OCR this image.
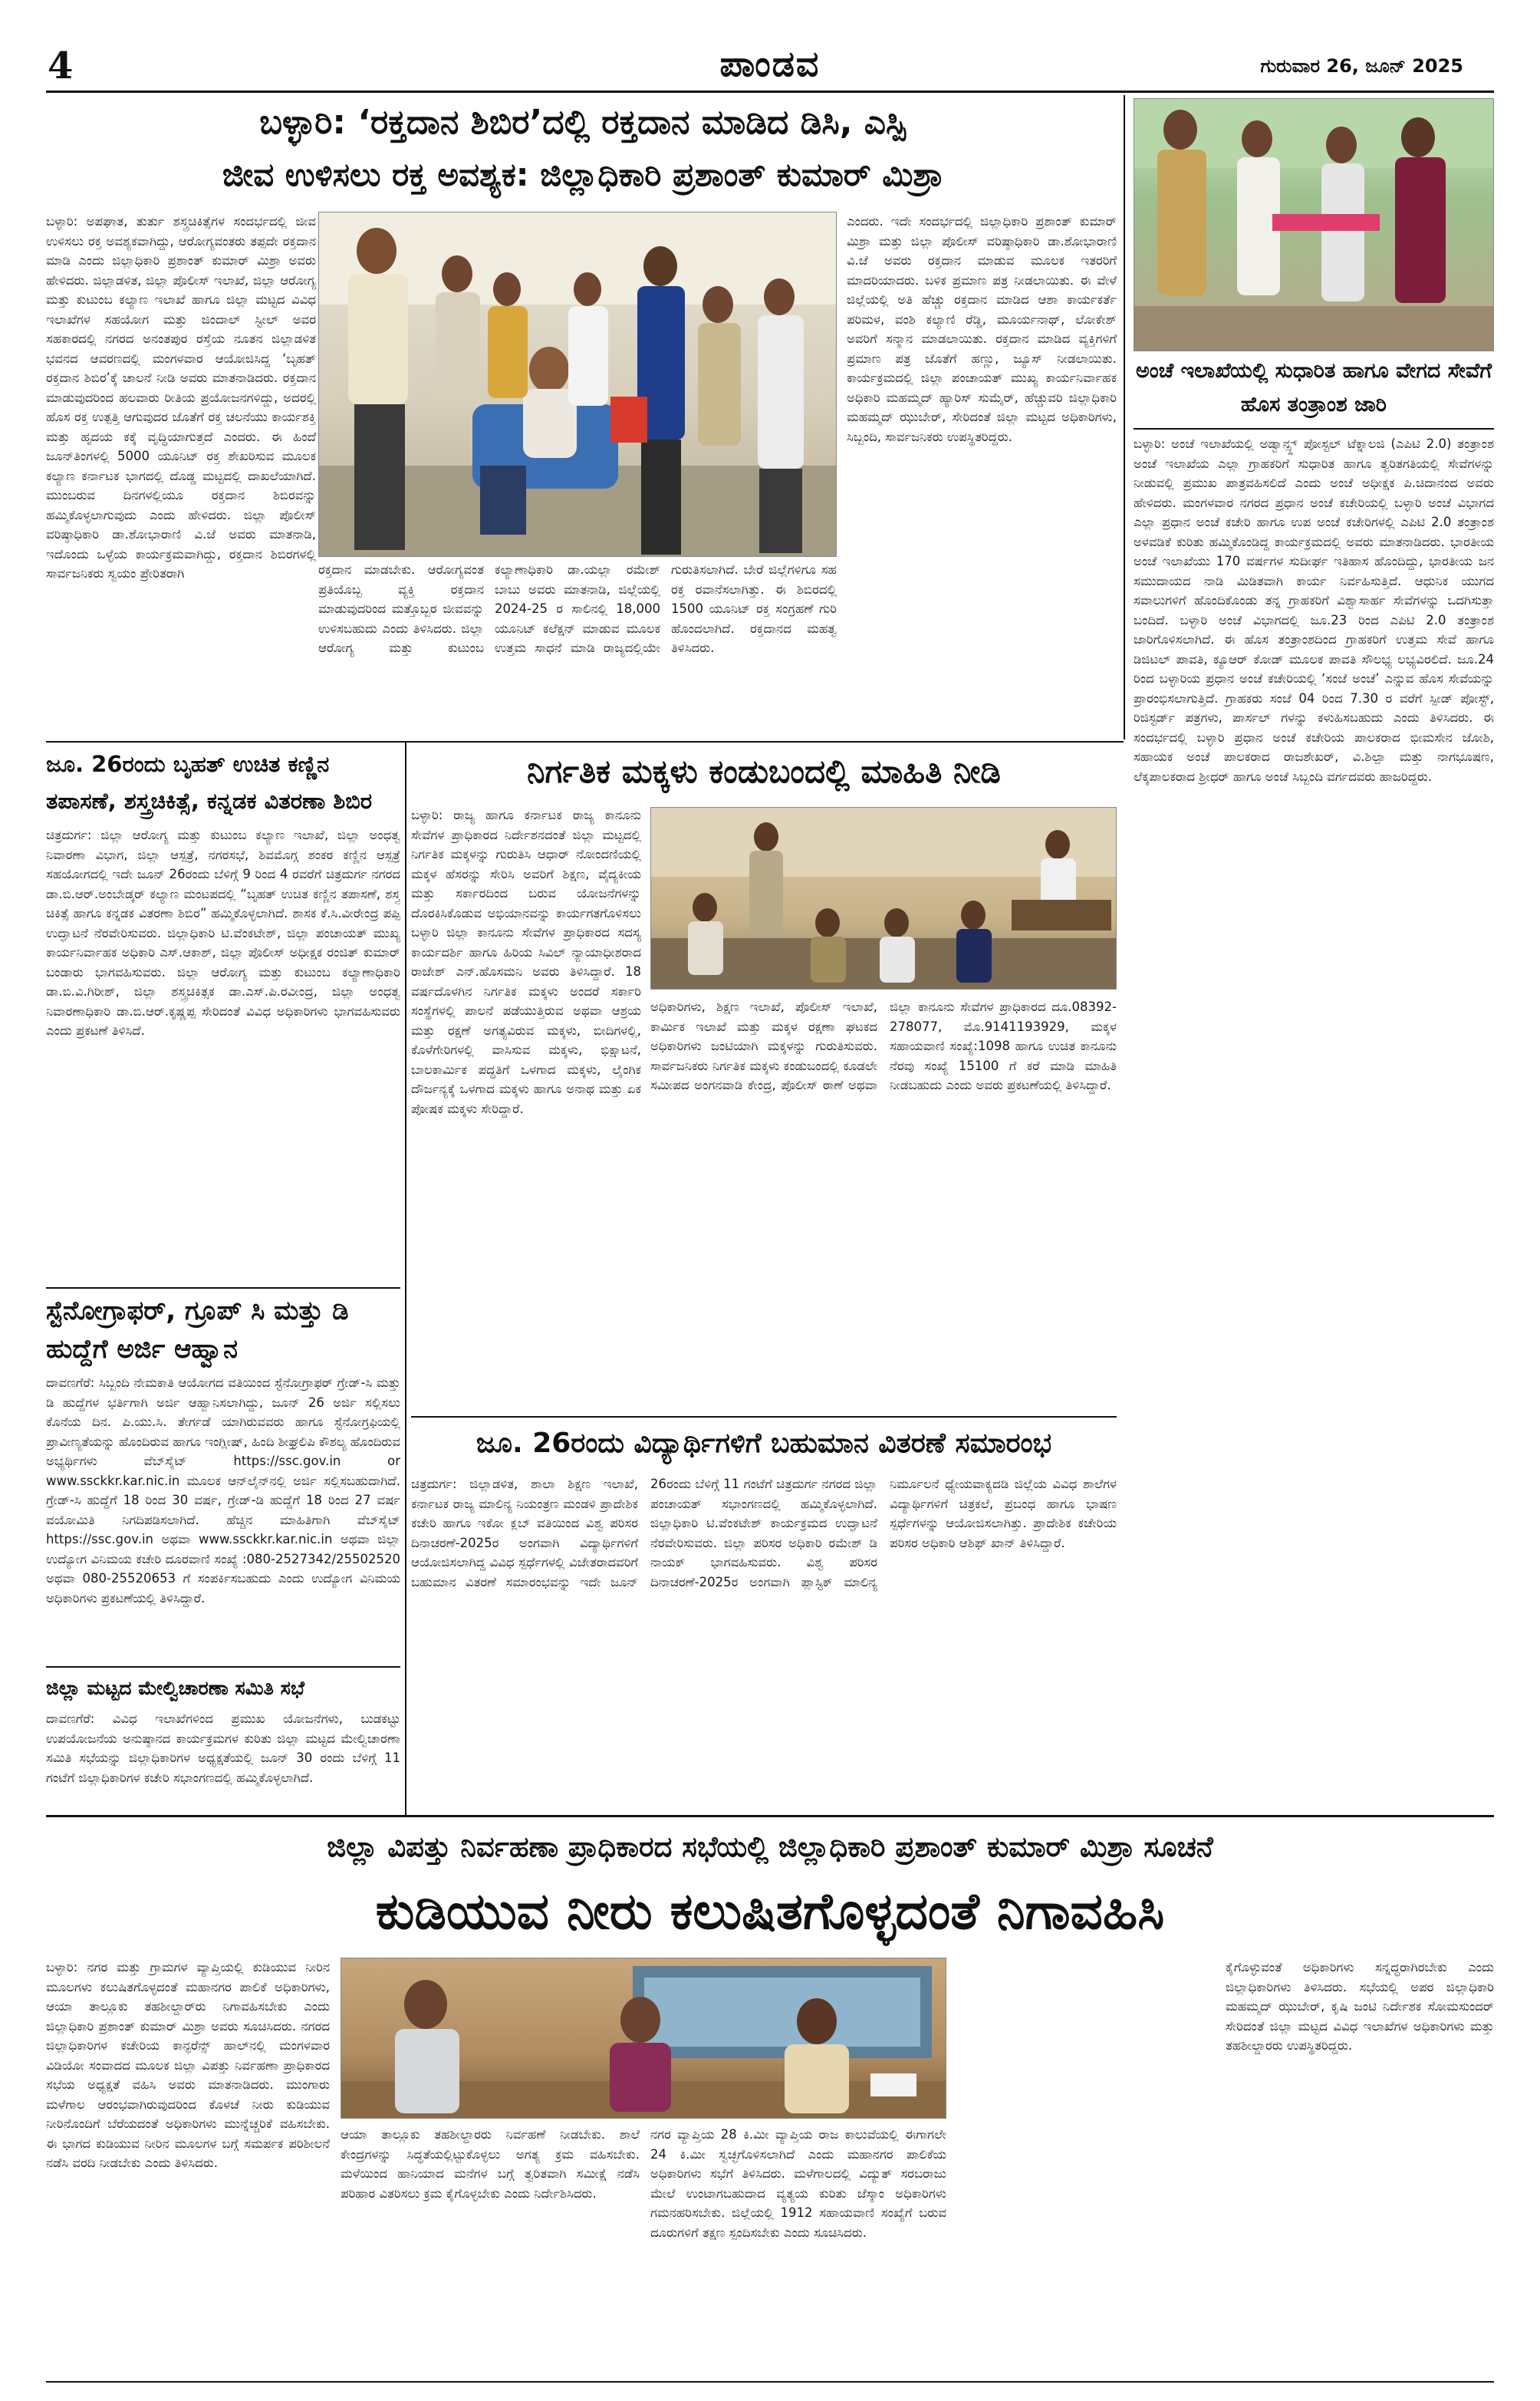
ಪಾಂಡವ
4	ಗುರುವಾರ 26, ಜೂನ್ 2025
ಬಳ್ಳಾರಿ: ‘ರಕ್ತದಾನ ಶಿಬಿರ’ದಲ್ಲಿ ರಕ್ತದಾನ ಮಾಡಿದ ಡಿಸಿ, ಎಸ್ಪಿ
ಜೀವ ಉಳಿಸಲು ರಕ್ತ ಅವಶ್ಯಕ: ಜಿಲ್ಲಾಧಿಕಾರಿ ಪ್ರಶಾಂತ್ ಕುಮಾರ್ ಮಿಶ್ರಾ
ಬಳ್ಳಾರಿ: ಅಪಘಾತ, ತುರ್ತು ಶಸ್ತ್ರಚಿಕಿತ್ಸೆಗಳ ಸಂದರ್ಭದಲ್ಲಿ ಜೀವ ಉಳಿಸಲು ರಕ್ತ ಅವಶ್ಯಕವಾಗಿದ್ದು, ಆರೋಗ್ಯವಂತರು ತಪ್ಪದೇ ರಕ್ತದಾನ ಮಾಡಿ ಎಂದು ಜಿಲ್ಲಾಧಿಕಾರಿ ಪ್ರಶಾಂತ್ ಕುಮಾರ್ ಮಿಶ್ರಾ ಅವರು ಹೇಳಿದರು. ಜಿಲ್ಲಾಡಳಿತ, ಜಿಲ್ಲಾ ಪೊಲೀಸ್ ಇಲಾಖೆ, ಜಿಲ್ಲಾ ಆರೋಗ್ಯ ಮತ್ತು ಕುಟುಂಬ ಕಲ್ಯಾಣ ಇಲಾಖೆ ಹಾಗೂ ಜಿಲ್ಲಾ ಮಟ್ಟದ ವಿವಿಧ ಇಲಾಖೆಗಳ ಸಹಯೋಗ ಮತ್ತು ಜಿಂದಾಲ್ ಸ್ಟೀಲ್ ಅವರ ಸಹಕಾರದಲ್ಲಿ ನಗರದ ಅನಂತಪುರ ರಸ್ತೆಯ ನೂತನ ಜಿಲ್ಲಾಡಳಿತ ಭವನದ ಆವರಣದಲ್ಲಿ ಮಂಗಳವಾರ ಆಯೋಜಿಸಿದ್ದ ‘ಬೃಹತ್ ರಕ್ತದಾನ ಶಿಬಿರ’ಕ್ಕೆ ಚಾಲನೆ ನೀಡಿ ಅವರು ಮಾತನಾಡಿದರು. ರಕ್ತದಾನ ಮಾಡುವುದರಿಂದ ಹಲವಾರು ರೀತಿಯ ಪ್ರಯೋಜನಗಳಿದ್ದು, ಅದರಲ್ಲಿ ಹೊಸ ರಕ್ತ ಉತ್ಪತ್ತಿ ಆಗುವುದರ ಜೊತೆಗೆ ರಕ್ತ ಚಲನೆಯು ಕಾರ್ಯಶಕ್ತಿ ಮತ್ತು ಹೃದಯ ಕಕ್ಕೆ ವೃದ್ಧಿಯಾಗುತ್ತದೆ ಎಂದರು. ಈ ಹಿಂದೆ ಜೂನ್‌ತಿಂಗಳಲ್ಲಿ 5000 ಯೂನಿಟ್ ರಕ್ತ ಶೇಖರಿಸುವ ಮೂಲಕ ಕಲ್ಯಾಣ ಕರ್ನಾಟಕ ಭಾಗದಲ್ಲಿ ದೊಡ್ಡ ಮಟ್ಟದಲ್ಲಿ ದಾಖಲೆಯಾಗಿದೆ. ಮುಂಬರುವ ದಿನಗಳಲ್ಲಿಯೂ ರಕ್ತದಾನ ಶಿಬಿರವನ್ನು ಹಮ್ಮಿಕೊಳ್ಳಲಾಗುವುದು ಎಂದು ಹೇಳಿದರು. ಜಿಲ್ಲಾ ಪೊಲೀಸ್ ವರಿಷ್ಠಾಧಿಕಾರಿ ಡಾ.ಶೋಭಾರಾಣಿ ವಿ.ಜೆ ಅವರು ಮಾತನಾಡಿ, ಇದೊಂದು ಒಳ್ಳೆಯ ಕಾರ್ಯಕ್ರಮವಾಗಿದ್ದು, ರಕ್ತದಾನ ಶಿಬಿರಗಳಲ್ಲಿ ಸಾರ್ವಜನಿಕರು ಸ್ವಯಂ ಪ್ರೇರಿತರಾಗಿ	ರಕ್ತದಾನ ಮಾಡಬೇಕು. ಆರೋಗ್ಯವಂತ ಪ್ರತಿಯೊಬ್ಬ ವ್ಯಕ್ತಿ ರಕ್ತದಾನ ಮಾಡುವುದರಿಂದ ಮತ್ತೊಬ್ಬರ ಜೀವವನ್ನು ಉಳಿಸಬಹುದು ಎಂದು ತಿಳಿಸಿದರು. ಜಿಲ್ಲಾ ಆರೋಗ್ಯ ಮತ್ತು ಕುಟುಂಬ ಕಲ್ಯಾಣಾಧಿಕಾರಿ ಡಾ.ಯಲ್ಲಾ ರಮೇಶ್ ಬಾಬು ಅವರು ಮಾತನಾಡಿ, ಜಿಲ್ಲೆಯಲ್ಲಿ 2024-25 ರ ಸಾಲಿನಲ್ಲಿ 18,000 ಯೂನಿಟ್ ಕಲೆಕ್ಷನ್ ಮಾಡುವ ಮೂಲಕ ಉತ್ತಮ ಸಾಧನೆ ಮಾಡಿ ರಾಜ್ಯದಲ್ಲಿಯೇ ಗುರುತಿಸಲಾಗಿದೆ. ಬೇರೆ ಜಿಲ್ಲೆಗಳಿಗೂ ಸಹ ರಕ್ತ ರವಾನೆಸಲಾಗಿತ್ತು. ಈ ಶಿಬಿರದಲ್ಲಿ 1500 ಯೂನಿಟ್ ರಕ್ತ ಸಂಗ್ರಹಣೆ ಗುರಿ ಹೊಂದಲಾಗಿದೆ. ರಕ್ತದಾನದ ಮಹತ್ವ ತಿಳಿಸಿದರು.
ಎಂದರು. ಇದೇ ಸಂದರ್ಭದಲ್ಲಿ ಜಿಲ್ಲಾಧಿಕಾರಿ ಪ್ರಶಾಂತ್ ಕುಮಾರ್ ಮಿಶ್ರಾ ಮತ್ತು ಜಿಲ್ಲಾ ಪೊಲೀಸ್ ವರಿಷ್ಠಾಧಿಕಾರಿ ಡಾ.ಶೋಭಾರಾಣಿ ವಿ.ಜೆ ಅವರು ರಕ್ತದಾನ ಮಾಡುವ ಮೂಲಕ ಇತರರಿಗೆ ಮಾದರಿಯಾದರು. ಬಳಿಕ ಪ್ರಮಾಣ ಪತ್ರ ನೀಡಲಾಯಿತು. ಈ ವೇಳೆ ಜಿಲ್ಲೆಯಲ್ಲಿ ಅತಿ ಹೆಚ್ಚು ರಕ್ತದಾನ ಮಾಡಿದ ಆಶಾ ಕಾರ್ಯಕರ್ತೆ ಪರಿಮಳ, ವಂಶಿ ಕಲ್ಯಾಣಿ ರೆಡ್ಡಿ, ಮೂರ್ಯನಾಥ್, ಲೋಕೇಶ್ ಅವರಿಗೆ ಸನ್ಮಾನ ಮಾಡಲಾಯಿತು. ರಕ್ತದಾನ ಮಾಡಿದ ವ್ಯಕ್ತಿಗಳಿಗೆ ಪ್ರಮಾಣ ಪತ್ರ ಜೊತೆಗೆ ಹಣ್ಣು, ಜ್ಯೂಸ್ ನೀಡಲಾಯಿತು. ಕಾರ್ಯಕ್ರಮದಲ್ಲಿ ಜಿಲ್ಲಾ ಪಂಚಾಯತ್ ಮುಖ್ಯ ಕಾರ್ಯನಿರ್ವಾಹಕ ಅಧಿಕಾರಿ ಮಹಮ್ಮದ್ ಹ್ಯಾರಿಸ್ ಸುಮೈರ್, ಹೆಚ್ಚುವರಿ ಜಿಲ್ಲಾಧಿಕಾರಿ ಮಹಮ್ಮದ್ ಝುಬೇರ್, ಸೇರಿದಂತೆ ಜಿಲ್ಲಾ ಮಟ್ಟದ ಅಧಿಕಾರಿಗಳು, ಸಿಬ್ಬಂದಿ, ಸಾರ್ವಜನಿಕರು ಉಪಸ್ಥಿತರಿದ್ದರು.
ಅಂಚೆ ಇಲಾಖೆಯಲ್ಲಿ ಸುಧಾರಿತ ಹಾಗೂ ವೇಗದ ಸೇವೆಗೆ ಹೊಸ ತಂತ್ರಾಂಶ ಜಾರಿ
ಬಳ್ಳಾರಿ: ಅಂಚೆ ಇಲಾಖೆಯಲ್ಲಿ ಅಡ್ವಾನ್ಸ್ಡ್ ಪೋಸ್ಟಲ್ ಟೆಕ್ನಾಲಜಿ (ಎಪಿಟಿ 2.0) ತಂತ್ರಾಂಶ ಅಂಚೆ ಇಲಾಖೆಯ ಎಲ್ಲಾ ಗ್ರಾಹಕರಿಗೆ ಸುಧಾರಿತ ಹಾಗೂ ತ್ವರಿತಗತಿಯಲ್ಲಿ ಸೇವೆಗಳನ್ನು ನೀಡುವಲ್ಲಿ ಪ್ರಮುಖ ಪಾತ್ರವಹಿಸಲಿದೆ ಎಂದು ಅಂಚೆ ಅಧೀಕ್ಷಕ ಪಿ.ಚಿದಾನಂದ ಅವರು ಹೇಳಿದರು. ಮಂಗಳವಾರ ನಗರದ ಪ್ರಧಾನ ಅಂಚೆ ಕಚೇರಿಯಲ್ಲಿ ಬಳ್ಳಾರಿ ಅಂಚೆ ವಿಭಾಗದ ಎಲ್ಲಾ ಪ್ರಧಾನ ಅಂಚೆ ಕಚೇರಿ ಹಾಗೂ ಉಪ ಅಂಚೆ ಕಚೇರಿಗಳಲ್ಲಿ ಎಪಿಟಿ 2.0 ತಂತ್ರಾಂಶ ಅಳವಡಿಕೆ ಕುರಿತು ಹಮ್ಮಿಕೊಂಡಿದ್ದ ಕಾರ್ಯಕ್ರಮದಲ್ಲಿ ಅವರು ಮಾತನಾಡಿದರು. ಭಾರತೀಯ ಅಂಚೆ ಇಲಾಖೆಯು 170 ವರ್ಷಗಳ ಸುದೀರ್ಘ ಇತಿಹಾಸ ಹೊಂದಿದ್ದು, ಭಾರತೀಯ ಜನ ಸಮುದಾಯದ ನಾಡಿ ಮಿಡಿತವಾಗಿ ಕಾರ್ಯ ನಿರ್ವಹಿಸುತ್ತಿದೆ. ಆಧುನಿಕ ಯುಗದ ಸವಾಲುಗಳಿಗೆ ಹೊಂದಿಕೊಂಡು ತನ್ನ ಗ್ರಾಹಕರಿಗೆ ವಿಶ್ವಾಸಾರ್ಹ ಸೇವೆಗಳನ್ನು ಒದಗಿಸುತ್ತಾ ಬಂದಿದೆ. ಬಳ್ಳಾರಿ ಅಂಚೆ ವಿಭಾಗದಲ್ಲಿ ಜೂ.23 ರಿಂದ ಎಪಿಟಿ 2.0 ತಂತ್ರಾಂಶ ಜಾರಿಗೊಳಿಸಲಾಗಿದೆ. ಈ ಹೊಸ ತಂತ್ರಾಂಶದಿಂದ ಗ್ರಾಹಕರಿಗೆ ಉತ್ತಮ ಸೇವೆ ಹಾಗೂ ಡಿಜಿಟಲ್ ಪಾವತಿ, ಕ್ಯೂಆರ್ ಕೋಡ್ ಮೂಲಕ ಪಾವತಿ ಸೌಲಭ್ಯ ಲಭ್ಯವಿರಲಿದೆ. ಜೂ.24 ರಿಂದ ಬಳ್ಳಾರಿಯ ಪ್ರಧಾನ ಅಂಚೆ ಕಚೇರಿಯಲ್ಲಿ ‘ಸಂಜೆ ಅಂಚೆ’ ಎನ್ನುವ ಹೊಸ ಸೇವೆಯನ್ನು ಪ್ರಾರಂಭಿಸಲಾಗುತ್ತಿದೆ. ಗ್ರಾಹಕರು ಸಂಜೆ 04 ರಿಂದ 7.30 ರ ವರೆಗೆ ಸ್ಪೀಡ್ ಪೋಸ್ಟ್, ರಿಜಿಸ್ಟರ್ಡ್ ಪತ್ರಗಳು, ಪಾರ್ಸಲ್ ಗಳನ್ನು ಕಳುಹಿಸಬಹುದು ಎಂದು ತಿಳಿಸಿದರು. ಈ ಸಂದರ್ಭದಲ್ಲಿ ಬಳ್ಳಾರಿ ಪ್ರಧಾನ ಅಂಚೆ ಕಚೇರಿಯ ಪಾಲಕರಾದ ಭೀಮಸೇನ ಜೋಶಿ, ಸಹಾಯಕ ಅಂಚೆ ಪಾಲಕರಾದ ರಾಜಶೇಖರ್, ವಿ.ಶಿಲ್ಪಾ ಮತ್ತು ನಾಗಭೂಷಣ, ಲೆಕ್ಕಪಾಲಕರಾದ ಶ್ರೀಧರ್ ಹಾಗೂ ಅಂಚೆ ಸಿಬ್ಬಂದಿ ವರ್ಗದವರು ಹಾಜರಿದ್ದರು.
ಜೂ. 26ರಂದು ಬೃಹತ್ ಉಚಿತ ಕಣ್ಣಿನ ತಪಾಸಣೆ, ಶಸ್ತ್ರಚಿಕಿತ್ಸೆ, ಕನ್ನಡಕ ವಿತರಣಾ ಶಿಬಿರ
ಚಿತ್ರದುರ್ಗ: ಜಿಲ್ಲಾ ಆರೋಗ್ಯ ಮತ್ತು ಕುಟುಂಬ ಕಲ್ಯಾಣ ಇಲಾಖೆ, ಜಿಲ್ಲಾ ಅಂಧತ್ವ ನಿವಾರಣಾ ವಿಭಾಗ, ಜಿಲ್ಲಾ ಆಸ್ಪತ್ರೆ, ನಗರಸಭೆ, ಶಿವಮೊಗ್ಗ ಶಂಕರ ಕಣ್ಣಿನ ಆಸ್ಪತ್ರೆ ಸಹಯೋಗದಲ್ಲಿ ಇದೇ ಜೂನ್ 26ರಂದು ಬೆಳಿಗ್ಗೆ 9 ರಿಂದ 4 ರವರೆಗೆ ಚಿತ್ರದುರ್ಗ ನಗರದ ಡಾ.ಬಿ.ಆರ್.ಅಂಬೇಡ್ಕರ್ ಕಲ್ಯಾಣ ಮಂಟಪದಲ್ಲಿ “ಬೃಹತ್ ಉಚಿತ ಕಣ್ಣಿನ ತಪಾಸಣೆ, ಶಸ್ತ್ರ ಚಿಕಿತ್ಸೆ ಹಾಗೂ ಕನ್ನಡಕ ವಿತರಣಾ ಶಿಬಿರ” ಹಮ್ಮಿಕೊಳ್ಳಲಾಗಿದೆ. ಶಾಸಕ ಕೆ.ಸಿ.ವೀರೇಂದ್ರ ಪಪ್ಪಿ ಉದ್ಘಾಟನೆ ನೆರವೇರಿಸುವರು. ಜಿಲ್ಲಾಧಿಕಾರಿ ಟಿ.ವೆಂಕಟೇಶ್, ಜಿಲ್ಲಾ ಪಂಚಾಯತ್ ಮುಖ್ಯ ಕಾರ್ಯನಿರ್ವಾಹಕ ಅಧಿಕಾರಿ ಎಸ್.ಆಕಾಶ್, ಜಿಲ್ಲಾ ಪೊಲೀಸ್ ಅಧೀಕ್ಷಕ ರಂಜಿತ್ ಕುಮಾರ್ ಬಂಡಾರು ಭಾಗವಹಿಸುವರು. ಜಿಲ್ಲಾ ಆರೋಗ್ಯ ಮತ್ತು ಕುಟುಂಬ ಕಲ್ಯಾಣಾಧಿಕಾರಿ ಡಾ.ಬಿ.ವಿ.ಗಿರೀಶ್, ಜಿಲ್ಲಾ ಶಸ್ತ್ರಚಿಕಿತ್ಸಕ ಡಾ.ಎಸ್.ಪಿ.ರವೀಂದ್ರ, ಜಿಲ್ಲಾ ಅಂಧತ್ವ ನಿವಾರಣಾಧಿಕಾರಿ ಡಾ.ಬಿ.ಆರ್.ಕೃಷ್ಣಪ್ಪ ಸೇರಿದಂತೆ ವಿವಿಧ ಅಧಿಕಾರಿಗಳು ಭಾಗವಹಿಸುವರು ಎಂದು ಪ್ರಕಟಣೆ ತಿಳಿಸಿದೆ.
ಸ್ಟೆನೋಗ್ರಾಫರ್, ಗ್ರೂಪ್ ಸಿ ಮತ್ತು ಡಿ ಹುದ್ದೆಗೆ ಅರ್ಜಿ ಆಹ್ವಾನ
ದಾವಣಗೆರೆ: ಸಿಬ್ಬಂದಿ ನೇಮಕಾತಿ ಆಯೋಗದ ವತಿಯಿಂದ ಸ್ಟೆನೋಗ್ರಾಫರ್ ಗ್ರೇಡ್-ಸಿ ಮತ್ತು ಡಿ ಹುದ್ದೆಗಳ ಭರ್ತಿಗಾಗಿ ಅರ್ಜಿ ಆಹ್ವಾನಿಸಲಾಗಿದ್ದು, ಜೂನ್ 26 ಅರ್ಜಿ ಸಲ್ಲಿಸಲು ಕೊನೆಯ ದಿನ. ಪಿ.ಯು.ಸಿ. ತೇರ್ಗಡೆ ಯಾಗಿರುವವರು ಹಾಗೂ ಸ್ಟೆನೋಗ್ರಫಿಯಲ್ಲಿ ಪ್ರಾವೀಣ್ಯತೆಯನ್ನು ಹೊಂದಿರುವ ಹಾಗೂ ಇಂಗ್ಲೀಷ್, ಹಿಂದಿ ಶೀಘ್ರಲಿಪಿ ಕೌಶಲ್ಯ ಹೊಂದಿರುವ ಅಭ್ಯರ್ಥಿಗಳು ವೆಬ್‌ಸೈಟ್ https://ssc.gov.in or www.ssckkr.kar.nic.in ಮೂಲಕ ಆನ್‌ಲೈನ್‌ನಲ್ಲಿ ಅರ್ಜಿ ಸಲ್ಲಿಸಬಹುದಾಗಿದೆ. ಗ್ರೇಡ್-ಸಿ ಹುದ್ದೆಗೆ 18 ರಿಂದ 30 ವರ್ಷ, ಗ್ರೇಡ್-ಡಿ ಹುದ್ದೆಗೆ 18 ರಿಂದ 27 ವರ್ಷ ವಯೋಮಿತಿ ನಿಗದಿಪಡಿಸಲಾಗಿದೆ. ಹೆಚ್ಚಿನ ಮಾಹಿತಿಗಾಗಿ ವೆಬ್‌ಸೈಟ್ https://ssc.gov.in ಅಥವಾ www.ssckkr.kar.nic.in ಅಥವಾ ಜಿಲ್ಲಾ ಉದ್ಯೋಗ ವಿನಿಮಯ ಕಚೇರಿ ದೂರವಾಣಿ ಸಂಖ್ಯೆ :080-2527342/25502520 ಅಥವಾ 080-25520653 ಗೆ ಸಂಪರ್ಕಿಸಬಹುದು ಎಂದು ಉದ್ಯೋಗ ವಿನಿಮಯ ಅಧಿಕಾರಿಗಳು ಪ್ರಕಟಣೆಯಲ್ಲಿ ತಿಳಿಸಿದ್ದಾರೆ.
ಜಿಲ್ಲಾ ಮಟ್ಟದ ಮೇಲ್ವಿಚಾರಣಾ ಸಮಿತಿ ಸಭೆ
ದಾವಣಗೆರೆ: ವಿವಿಧ ಇಲಾಖೆಗಳಿಂದ ಪ್ರಮುಖ ಯೋಜನೆಗಳು, ಬುಡಕಟ್ಟು ಉಪಯೋಜನೆಯ ಅನುಷ್ಠಾನದ ಕಾರ್ಯಕ್ರಮಗಳ ಕುರಿತು ಜಿಲ್ಲಾ ಮಟ್ಟದ ಮೇಲ್ವಿಚಾರಣಾ ಸಮಿತಿ ಸಭೆಯನ್ನು ಜಿಲ್ಲಾಧಿಕಾರಿಗಳ ಅಧ್ಯಕ್ಷತೆಯಲ್ಲಿ ಜೂನ್ 30 ರಂದು ಬೆಳಿಗ್ಗೆ 11 ಗಂಟೆಗೆ ಜಿಲ್ಲಾಧಿಕಾರಿಗಳ ಕಚೇರಿ ಸಭಾಂಗಣದಲ್ಲಿ ಹಮ್ಮಿಕೊಳ್ಳಲಾಗಿದೆ.
ನಿರ್ಗತಿಕ ಮಕ್ಕಳು ಕಂಡುಬಂದಲ್ಲಿ ಮಾಹಿತಿ ನೀಡಿ
ಬಳ್ಳಾರಿ: ರಾಜ್ಯ ಹಾಗೂ ಕರ್ನಾಟಕ ರಾಜ್ಯ ಕಾನೂನು ಸೇವೆಗಳ ಪ್ರಾಧಿಕಾರದ ನಿರ್ದೇಶನದಂತೆ ಜಿಲ್ಲಾ ಮಟ್ಟದಲ್ಲಿ ನಿರ್ಗತಿಕ ಮಕ್ಕಳನ್ನು ಗುರುತಿಸಿ ಆಧಾರ್ ನೋಂದಣಿಯಲ್ಲಿ ಮಕ್ಕಳ ಹೆಸರನ್ನು ಸೇರಿಸಿ ಅವರಿಗೆ ಶಿಕ್ಷಣ, ವೈದ್ಯಕೀಯ ಮತ್ತು ಸರ್ಕಾರದಿಂದ ಬರುವ ಯೋಜನೆಗಳನ್ನು ದೊರಕಿಸಿಕೊಡುವ ಅಭಿಯಾನವನ್ನು ಕಾರ್ಯಗತಗೊಳಿಸಲು ಬಳ್ಳಾರಿ ಜಿಲ್ಲಾ ಕಾನೂನು ಸೇವೆಗಳ ಪ್ರಾಧಿಕಾರದ ಸದಸ್ಯ ಕಾರ್ಯದರ್ಶಿ ಹಾಗೂ ಹಿರಿಯ ಸಿವಿಲ್ ನ್ಯಾಯಾಧೀಶರಾದ ರಾಜೇಶ್ ಎನ್.ಹೊಸಮನಿ ಅವರು ತಿಳಿಸಿದ್ದಾರೆ. 18 ವರ್ಷದೊಳಗಿನ ನಿರ್ಗತಿಕ ಮಕ್ಕಳು ಅಂದರೆ ಸರ್ಕಾರಿ ಸಂಸ್ಥೆಗಳಲ್ಲಿ ಪಾಲನೆ ಪಡೆಯುತ್ತಿರುವ ಅಥವಾ ಆಶ್ರಯ ಮತ್ತು ರಕ್ಷಣೆ ಅಗತ್ಯವಿರುವ ಮಕ್ಕಳು, ಬೀದಿಗಳಲ್ಲಿ, ಕೊಳೆಗೇರಿಗಳಲ್ಲಿ ವಾಸಿಸುವ ಮಕ್ಕಳು, ಭಿಕ್ಷಾಟನೆ, ಬಾಲಕಾರ್ಮಿಕ ಪದ್ಧತಿಗೆ ಒಳಗಾದ ಮಕ್ಕಳು, ಲೈಂಗಿಕ ದೌರ್ಜನ್ಯಕ್ಕೆ ಒಳಗಾದ ಮಕ್ಕಳು ಹಾಗೂ ಅನಾಥ ಮತ್ತು ಏಕ ಪೋಷಕ ಮಕ್ಕಳು ಸೇರಿದ್ದಾರೆ.
ಅಧಿಕಾರಿಗಳು, ಶಿಕ್ಷಣ ಇಲಾಖೆ, ಪೊಲೀಸ್ ಇಲಾಖೆ, ಕಾರ್ಮಿಕ ಇಲಾಖೆ ಮತ್ತು ಮಕ್ಕಳ ರಕ್ಷಣಾ ಘಟಕದ ಅಧಿಕಾರಿಗಳು ಜಂಟಿಯಾಗಿ ಮಕ್ಕಳನ್ನು ಗುರುತಿಸುವರು. ಸಾರ್ವಜನಿಕರು ನಿರ್ಗತಿಕ ಮಕ್ಕಳು ಕಂಡುಬಂದಲ್ಲಿ ಕೂಡಲೇ ಸಮೀಪದ ಅಂಗನವಾಡಿ ಕೇಂದ್ರ, ಪೊಲೀಸ್ ಠಾಣೆ ಅಥವಾ ಜಿಲ್ಲಾ ಕಾನೂನು ಸೇವೆಗಳ ಪ್ರಾಧಿಕಾರದ ದೂ.08392-278077, ಮೊ.9141193929, ಮಕ್ಕಳ ಸಹಾಯವಾಣಿ ಸಂಖ್ಯೆ:1098 ಹಾಗೂ ಉಚಿತ ಕಾನೂನು ನೆರವು ಸಂಖ್ಯೆ 15100 ಗೆ ಕರೆ ಮಾಡಿ ಮಾಹಿತಿ ನೀಡಬಹುದು ಎಂದು ಅವರು ಪ್ರಕಟಣೆಯಲ್ಲಿ ತಿಳಿಸಿದ್ದಾರೆ.
ಜೂ. 26ರಂದು ವಿದ್ಯಾರ್ಥಿಗಳಿಗೆ ಬಹುಮಾನ ವಿತರಣೆ ಸಮಾರಂಭ
ಚಿತ್ರದುರ್ಗ: ಜಿಲ್ಲಾಡಳಿತ, ಶಾಲಾ ಶಿಕ್ಷಣ ಇಲಾಖೆ, ಕರ್ನಾಟಕ ರಾಜ್ಯ ಮಾಲಿನ್ಯ ನಿಯಂತ್ರಣ ಮಂಡಳಿ ಪ್ರಾದೇಶಿಕ ಕಚೇರಿ ಹಾಗೂ ಇಕೋ ಕ್ಲಬ್ ವತಿಯಿಂದ ವಿಶ್ವ ಪರಿಸರ ದಿನಾಚರಣೆ-2025ರ ಅಂಗವಾಗಿ ವಿದ್ಯಾರ್ಥಿಗಳಿಗೆ ಆಯೋಜಿಸಲಾಗಿದ್ದ ವಿವಿಧ ಸ್ಪರ್ಧೆಗಳಲ್ಲಿ ವಿಜೇತರಾದವರಿಗೆ ಬಹುಮಾನ ವಿತರಣೆ ಸಮಾರಂಭವನ್ನು ಇದೇ ಜೂನ್ 26ರಂದು ಬೆಳಿಗ್ಗೆ 11 ಗಂಟೆಗೆ ಚಿತ್ರದುರ್ಗ ನಗರದ ಜಿಲ್ಲಾ ಪಂಚಾಯತ್ ಸಭಾಂಗಣದಲ್ಲಿ ಹಮ್ಮಿಕೊಳ್ಳಲಾಗಿದೆ. ಜಿಲ್ಲಾಧಿಕಾರಿ ಟಿ.ವೆಂಕಟೇಶ್ ಕಾರ್ಯಕ್ರಮದ ಉದ್ಘಾಟನೆ ನೆರವೇರಿಸುವರು. ಜಿಲ್ಲಾ ಪರಿಸರ ಅಧಿಕಾರಿ ರಮೇಶ್ ಡಿ ನಾಯಕ್ ಭಾಗವಹಿಸುವರು. ವಿಶ್ವ ಪರಿಸರ ದಿನಾಚರಣೆ-2025ರ ಅಂಗವಾಗಿ ಪ್ಲಾಸ್ಟಿಕ್ ಮಾಲಿನ್ಯ ನಿರ್ಮೂಲನೆ ಧ್ಯೇಯವಾಕ್ಯದಡಿ ಜಿಲ್ಲೆಯ ವಿವಿಧ ಶಾಲೆಗಳ ವಿದ್ಯಾರ್ಥಿಗಳಿಗೆ ಚಿತ್ರಕಲೆ, ಪ್ರಬಂಧ ಹಾಗೂ ಭಾಷಣ ಸ್ಪರ್ಧೆಗಳನ್ನು ಆಯೋಜಿಸಲಾಗಿತ್ತು. ಪ್ರಾದೇಶಿಕ ಕಚೇರಿಯ ಪರಿಸರ ಅಧಿಕಾರಿ ಆಶಿಫ್ ಖಾನ್ ತಿಳಿಸಿದ್ದಾರೆ.
ಜಿಲ್ಲಾ ವಿಪತ್ತು ನಿರ್ವಹಣಾ ಪ್ರಾಧಿಕಾರದ ಸಭೆಯಲ್ಲಿ ಜಿಲ್ಲಾಧಿಕಾರಿ ಪ್ರಶಾಂತ್ ಕುಮಾರ್ ಮಿಶ್ರಾ ಸೂಚನೆ
ಕುಡಿಯುವ ನೀರು ಕಲುಷಿತಗೊಳ್ಳದಂತೆ ನಿಗಾವಹಿಸಿ
ಬಳ್ಳಾರಿ: ನಗರ ಮತ್ತು ಗ್ರಾಮಗಳ ವ್ಯಾಪ್ತಿಯಲ್ಲಿ ಕುಡಿಯುವ ನೀರಿನ ಮೂಲಗಳು ಕಲುಷಿತಗೊಳ್ಳದಂತೆ ಮಹಾನಗರ ಪಾಲಿಕೆ ಅಧಿಕಾರಿಗಳು, ಆಯಾ ತಾಲ್ಲೂಕು ತಹಶೀಲ್ದಾರ್‌ರು ನಿಗಾವಹಿಸಬೇಕು ಎಂದು ಜಿಲ್ಲಾಧಿಕಾರಿ ಪ್ರಶಾಂತ್ ಕುಮಾರ್ ಮಿಶ್ರಾ ಅವರು ಸೂಚಿಸಿದರು. ನಗರದ ಜಿಲ್ಲಾಧಿಕಾರಿಗಳ ಕಚೇರಿಯ ಕಾನ್ಫರೆನ್ಸ್ ಹಾಲ್‌ನಲ್ಲಿ ಮಂಗಳವಾರ ವಿಡಿಯೋ ಸಂವಾದದ ಮೂಲಕ ಜಿಲ್ಲಾ ವಿಪತ್ತು ನಿರ್ವಹಣಾ ಪ್ರಾಧಿಕಾರದ ಸಭೆಯ ಅಧ್ಯಕ್ಷತೆ ವಹಿಸಿ ಅವರು ಮಾತನಾಡಿದರು. ಮುಂಗಾರು ಮಳೆಗಾಲ ಆರಂಭವಾಗಿರುವುದರಿಂದ ಕೊಳಚೆ ನೀರು ಕುಡಿಯುವ ನೀರಿನೊಂದಿಗೆ ಬೆರೆಯದಂತೆ ಅಧಿಕಾರಿಗಳು ಮುನ್ನೆಚ್ಚರಿಕೆ ವಹಿಸಬೇಕು. ಈ ಭಾಗದ ಕುಡಿಯುವ ನೀರಿನ ಮೂಲಗಳ ಬಗ್ಗೆ ಸಮರ್ಪಕ ಪರಿಶೀಲನೆ ನಡೆಸಿ ವರದಿ ನೀಡಬೇಕು ಎಂದು ತಿಳಿಸಿದರು.
ಆಯಾ ತಾಲ್ಲೂಕು ತಹಶೀಲ್ದಾರರು ನಿರ್ವಹಣೆ ನೀಡಬೇಕು. ಶಾಲೆ ಕೇಂದ್ರಗಳನ್ನು ಸಿದ್ಧತೆಯಲ್ಲಿಟ್ಟುಕೊಳ್ಳಲು ಅಗತ್ಯ ಕ್ರಮ ವಹಿಸಬೇಕು. ಮಳೆಯಿಂದ ಹಾನಿಯಾದ ಮನೆಗಳ ಬಗ್ಗೆ ತ್ವರಿತವಾಗಿ ಸಮೀಕ್ಷೆ ನಡೆಸಿ ಪರಿಹಾರ ವಿತರಿಸಲು ಕ್ರಮ ಕೈಗೊಳ್ಳಬೇಕು ಎಂದು ನಿರ್ದೇಶಿಸಿದರು.
ನಗರ ವ್ಯಾಪ್ತಿಯ 28 ಕಿ.ಮೀ ವ್ಯಾಪ್ತಿಯ ರಾಜ ಕಾಲುವೆಯಲ್ಲಿ ಈಗಾಗಲೇ 24 ಕಿ.ಮೀ ಸ್ವಚ್ಛಗೊಳಿಸಲಾಗಿದೆ ಎಂದು ಮಹಾನಗರ ಪಾಲಿಕೆಯ ಅಧಿಕಾರಿಗಳು ಸಭೆಗೆ ತಿಳಿಸಿದರು. ಮಳೆಗಾಲದಲ್ಲಿ ವಿದ್ಯುತ್ ಸರಬರಾಜು ಮೇಲೆ ಉಂಟಾಗಬಹುದಾದ ವ್ಯತ್ಯಯ ಕುರಿತು ಜೆಸ್ಕಾಂ ಅಧಿಕಾರಿಗಳು ಗಮನಹರಿಸಬೇಕು. ಜಿಲ್ಲೆಯಲ್ಲಿ 1912 ಸಹಾಯವಾಣಿ ಸಂಖ್ಯೆಗೆ ಬರುವ ದೂರುಗಳಿಗೆ ತಕ್ಷಣ ಸ್ಪಂದಿಸಬೇಕು ಎಂದು ಸೂಚಿಸಿದರು.
ಕೈಗೊಳ್ಳುವಂತೆ ಅಧಿಕಾರಿಗಳು ಸನ್ನದ್ಧರಾಗಿರಬೇಕು ಎಂದು ಜಿಲ್ಲಾಧಿಕಾರಿಗಳು ತಿಳಿಸಿದರು. ಸಭೆಯಲ್ಲಿ ಅಪರ ಜಿಲ್ಲಾಧಿಕಾರಿ ಮಹಮ್ಮದ್ ಝುಬೇರ್, ಕೃಷಿ ಜಂಟಿ ನಿರ್ದೇಶಕ ಸೋಮಸುಂದರ್ ಸೇರಿದಂತೆ ಜಿಲ್ಲಾ ಮಟ್ಟದ ವಿವಿಧ ಇಲಾಖೆಗಳ ಅಧಿಕಾರಿಗಳು ಮತ್ತು ತಹಶೀಲ್ದಾರರು ಉಪಸ್ಥಿತರಿದ್ದರು.
